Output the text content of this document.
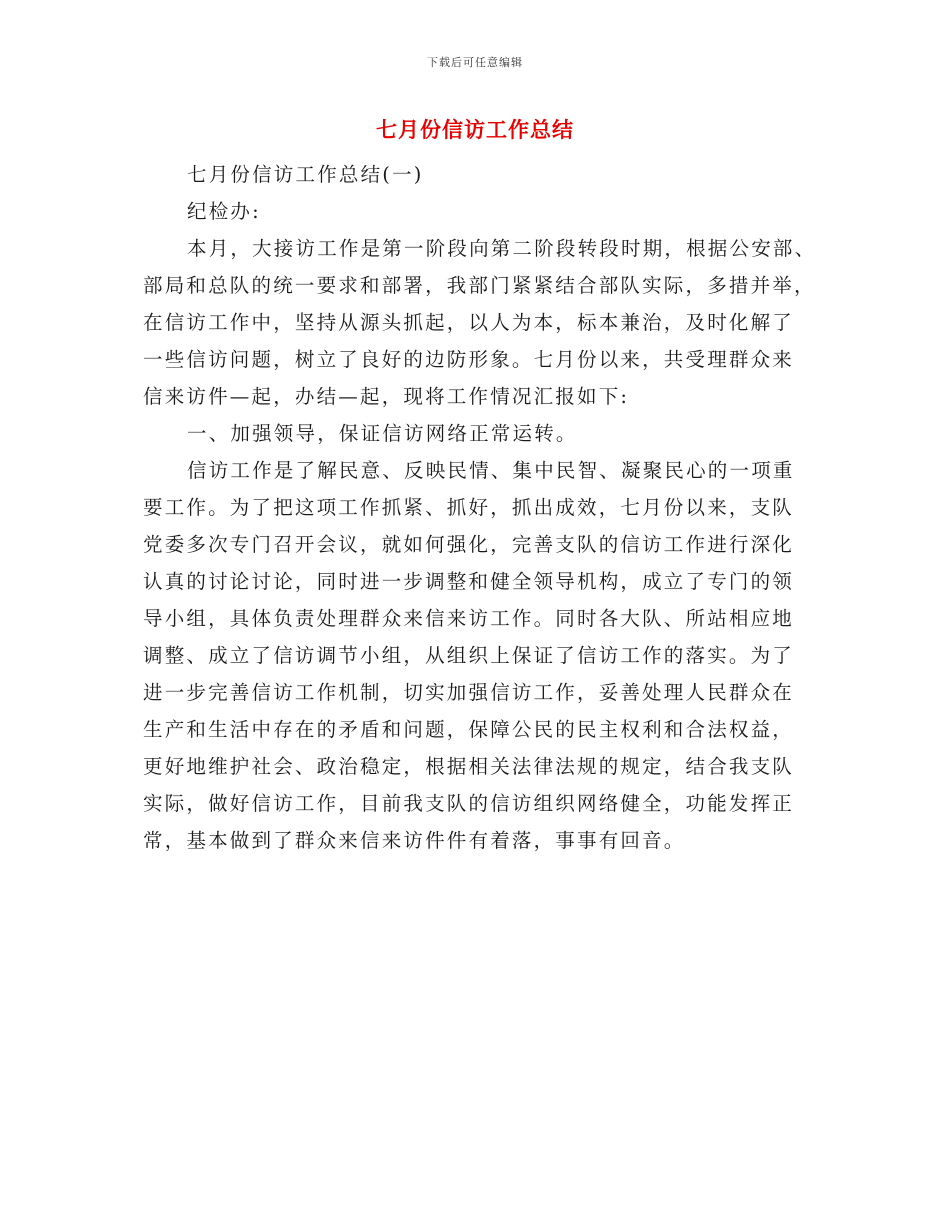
下载后可任意编辑
七月份信访工作总结
七月份信访工作总结(一)
纪检办:
本月，大接访工作是第一阶段向第二阶段转段时期，根据公安部、
部局和总队的统一要求和部署，我部门紧紧结合部队实际，多措并举，
在信访工作中，坚持从源头抓起，以人为本，标本兼治，及时化解了
一些信访问题，树立了良好的边防形象。七月份以来，共受理群众来
信来访件—起，办结—起，现将工作情况汇报如下:
一、加强领导，保证信访网络正常运转。
信访工作是了解民意、反映民情、集中民智、凝聚民心的一项重
要工作。为了把这项工作抓紧、抓好，抓出成效，七月份以来，支队
党委多次专门召开会议，就如何强化，完善支队的信访工作进行深化
认真的讨论讨论，同时进一步调整和健全领导机构，成立了专门的领
导小组，具体负责处理群众来信来访工作。同时各大队、所站相应地
调整、成立了信访调节小组，从组织上保证了信访工作的落实。为了
进一步完善信访工作机制，切实加强信访工作，妥善处理人民群众在
生产和生活中存在的矛盾和问题，保障公民的民主权利和合法权益，
更好地维护社会、政治稳定，根据相关法律法规的规定，结合我支队
实际，做好信访工作，目前我支队的信访组织网络健全，功能发挥正
常，基本做到了群众来信来访件件有着落，事事有回音。
